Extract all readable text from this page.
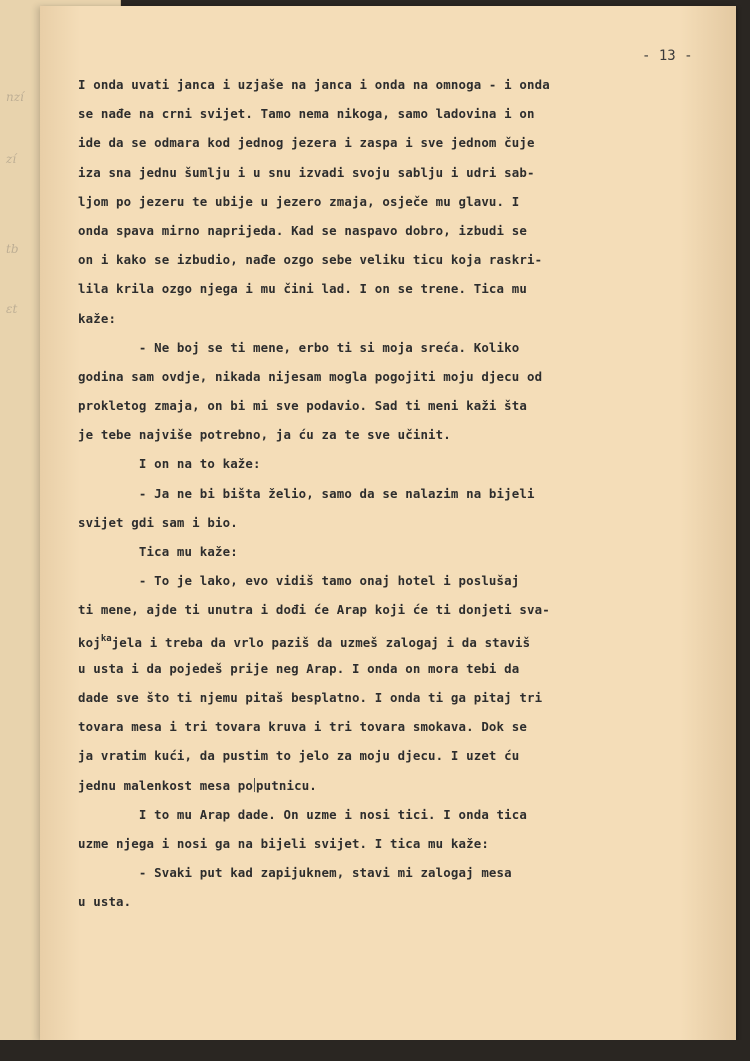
nzí
zí
tb
ɛt
- 13 -
I onda uvati janca i uzjaše na janca i onda na omnoga - i onda
se nađe na crni svijet. Tamo nema nikoga, samo ladovina i on
ide da se odmara kod jednog jezera i zaspa i sve jednom čuje
iza sna jednu šumlju i u snu izvadi svoju sablju i udri sab-
ljom po jezeru te ubije u jezero zmaja, osječe mu glavu. I
onda spava mirno naprijeda. Kad se naspavo dobro, izbudi se
on i kako se izbudio, nađe ozgo sebe veliku ticu koja raskri-
lila krila ozgo njega i mu čini lad. I on se trene. Tica mu
kaže:
- Ne boj se ti mene, erbo ti si moja sreća. Koliko
godina sam ovdje, nikada nijesam mogla pogojiti moju djecu od
prokletog zmaja, on bi mi sve podavio. Sad ti meni kaži šta
je tebe najviše potrebno, ja ću za te sve učinit.
I on na to kaže:
- Ja ne bi bišta želio, samo da se nalazim na bijeli
svijet gdi sam i bio.
Tica mu kaže:
- To je lako, evo vidiš tamo onaj hotel i poslušaj
ti mene, ajde ti unutra i dođi će Arap koji će ti donjeti sva-
koj$^{ka}$jela i treba da vrlo paziš da uzmeš zalogaj i da staviš
u usta i da pojedeš prije neg Arap. I onda on mora tebi da
dade sve što ti njemu pitaš besplatno. I onda ti ga pitaj tri
tovara mesa i tri tovara kruva i tri tovara smokava. Dok se
ja vratim kući, da pustim to jelo za moju djecu. I uzet ću
jednu malenkost mesa po putnicu.
I to mu Arap dade. On uzme i nosi tici. I onda tica
uzme njega i nosi ga na bijeli svijet. I tica mu kaže:
- Svaki put kad zapijuknem, stavi mi zalogaj mesa
u usta.
